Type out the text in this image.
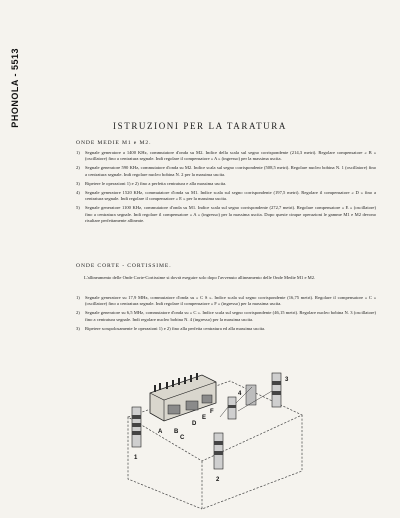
PHONOLA - 5513	ISTRUZIONI PER LA TARATURA
ONDE MEDIE M1 e M2.
1) Segnale generatore a 1400 KHz, commutatore d'onda su M2. Indice della scala sul segno corrispondente (214,3 metri). Regolare compensatore « B » (oscillatore) fino a centratura segnale. Indi regolare il compensatore « A » (ingresso) per la massima uscita.
2) Segnale generatore 590 KHz, commutatore d'onda su M2. Indice scala sul segno corrispondente (508,5 metri). Regolare nucleo bobina N. 1 (oscillatore) fino a centratura segnale. Indi regolare nucleo bobina N. 2 per la massima uscita.
3) Ripetere le operazioni 1) e 2) fino a perfetta centratura e alla massima uscita.
4) Segnale generatore 1520 KHz, commutatore d'onda su M1. Indice scala sul segno corrispondente (197,5 metri). Regolare il compensatore « D » fino a centratura segnale. Indi regolare il compensatore « E » per la massima uscita.
5) Segnale generatore 1100 KHz, commutatore d'onda su M1. Indice scala sul segno corrispondente (272,7 metri). Regolare compensatore « E » (oscillatore) fino a centratura segnale. Indi regolare il compensatore « A » (ingresso) per la massima uscita. Dopo queste cinque operazioni le gamme M1 e M2 devono risultare perfettamente allineate.
ONDE CORTE - CORTISSIME.
L'allineamento delle Onde Corte-Cortissime si dovrà eseguire solo dopo l'avvenuto allineamento delle Onde Medie M1 e M2.
1) Segnale generatore su 17,9 MHz, commutatore d'onda su « C S ». Indice scala sul segno corrispondente (16,75 metri). Regolare il compensatore « C » (oscillatore) fino a centratura segnale. Indi regolare il compensatore « F » (ingresso) per la massima uscita.
2) Segnale generatore su 6,5 MHz, commutatore d'onda su « C ». Indice scala sul segno corrispondente (46,15 metri). Regolare nucleo bobina N. 3 (oscillatore) fino a centratura segnale. Indi regolare nucleo bobina N. 4 (ingresso) per la massima uscita.
3) Ripetere scrupolosamente le operazioni 1) e 2) fino alla perfetta centratura ed alla massima uscita.
A B
C
D
E
F
1
2
3
4
